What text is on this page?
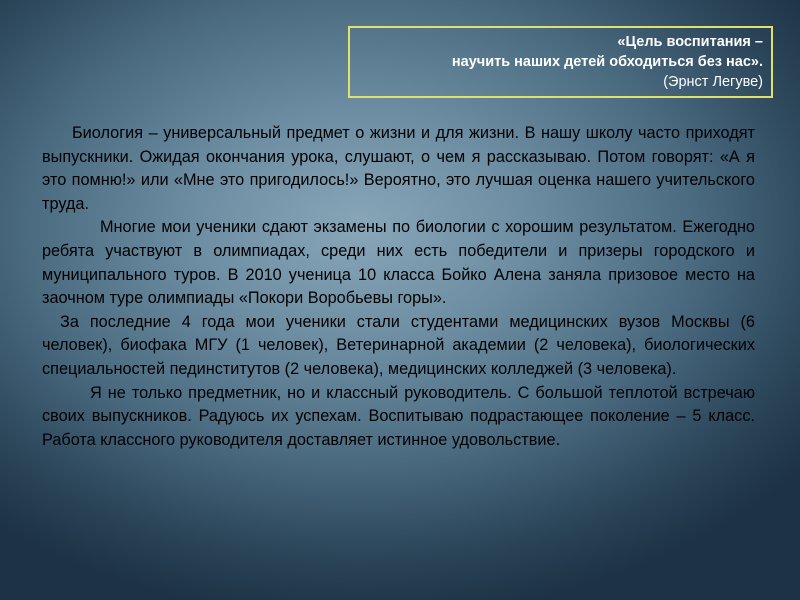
«Цель воспитания –
научить наших детей обходиться без нас».
(Эрнст Легуве)

Биология – универсальный предмет о жизни и для жизни. В нашу школу часто приходят выпускники. Ожидая окончания урока, слушают, о чем я рассказываю. Потом говорят: «А я это помню!» или «Мне это пригодилось!» Вероятно, это лучшая оценка нашего учительского труда.

Многие мои ученики сдают экзамены по биологии с хорошим результатом. Ежегодно ребята участвуют в олимпиадах, среди них есть победители и призеры городского и муниципального туров. В 2010 ученица 10 класса Бойко Алена заняла призовое место на заочном туре олимпиады «Покори Воробьевы горы».

За последние 4 года мои ученики стали студентами медицинских вузов Москвы (6 человек), биофака МГУ (1 человек), Ветеринарной академии (2 человека), биологических специальностей пединститутов (2 человека), медицинских колледжей (3 человека).

Я не только предметник, но и классный руководитель. С большой теплотой встречаю своих выпускников. Радуюсь их успехам. Воспитываю подрастающее поколение – 5 класс. Работа классного руководителя доставляет истинное удовольствие.
